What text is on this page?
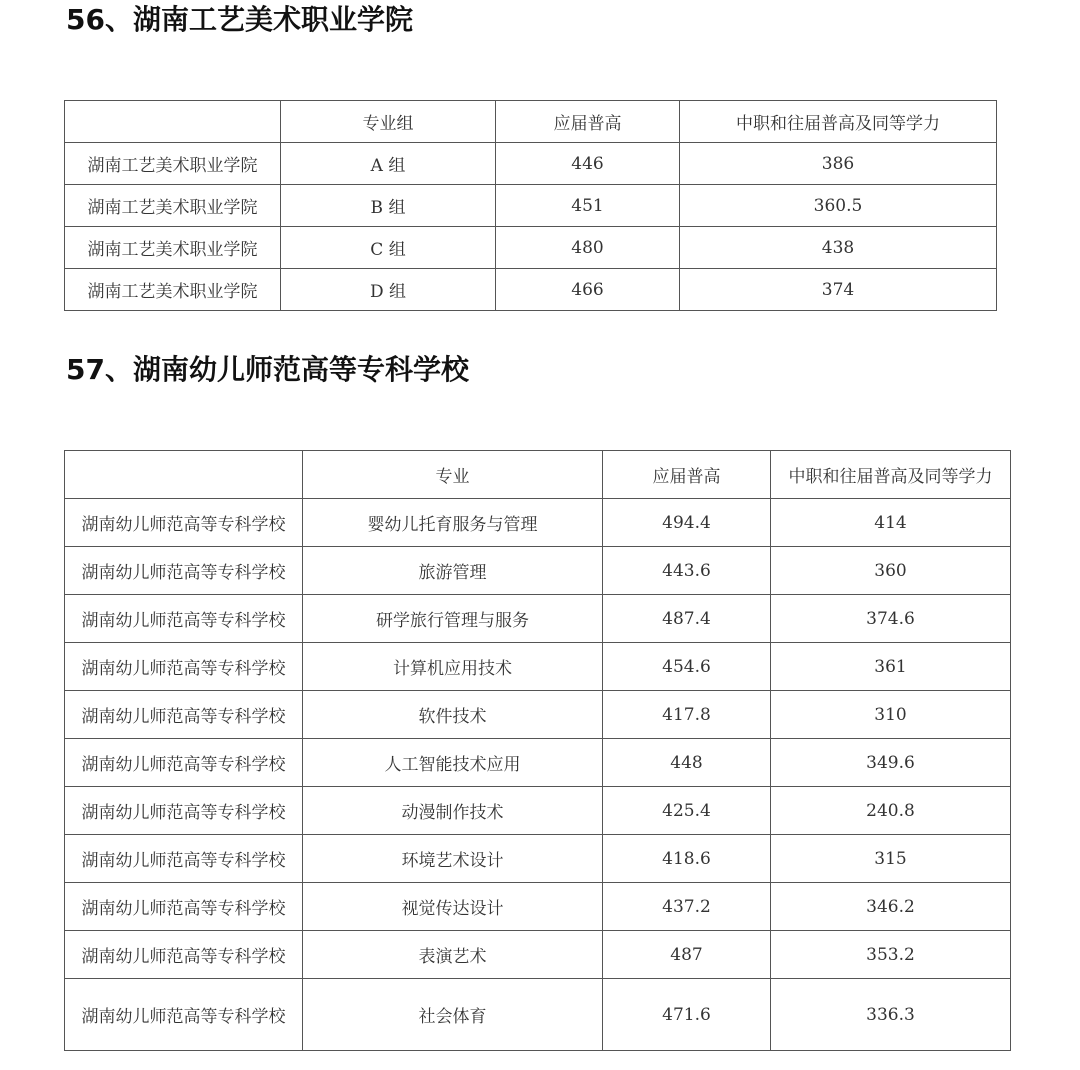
56、湖南工艺美术职业学院
	专业组	应届普高	中职和往届普高及同等学力
湖南工艺美术职业学院	A 组	446	386
湖南工艺美术职业学院	B 组	451	360.5
湖南工艺美术职业学院	C 组	480	438
湖南工艺美术职业学院	D 组	466	374
57、湖南幼儿师范高等专科学校
	专业	应届普高	中职和往届普高及同等学力
湖南幼儿师范高等专科学校	婴幼儿托育服务与管理	494.4	414
湖南幼儿师范高等专科学校	旅游管理	443.6	360
湖南幼儿师范高等专科学校	研学旅行管理与服务	487.4	374.6
湖南幼儿师范高等专科学校	计算机应用技术	454.6	361
湖南幼儿师范高等专科学校	软件技术	417.8	310
湖南幼儿师范高等专科学校	人工智能技术应用	448	349.6
湖南幼儿师范高等专科学校	动漫制作技术	425.4	240.8
湖南幼儿师范高等专科学校	环境艺术设计	418.6	315
湖南幼儿师范高等专科学校	视觉传达设计	437.2	346.2
湖南幼儿师范高等专科学校	表演艺术	487	353.2
湖南幼儿师范高等专科学校	社会体育	471.6	336.3
